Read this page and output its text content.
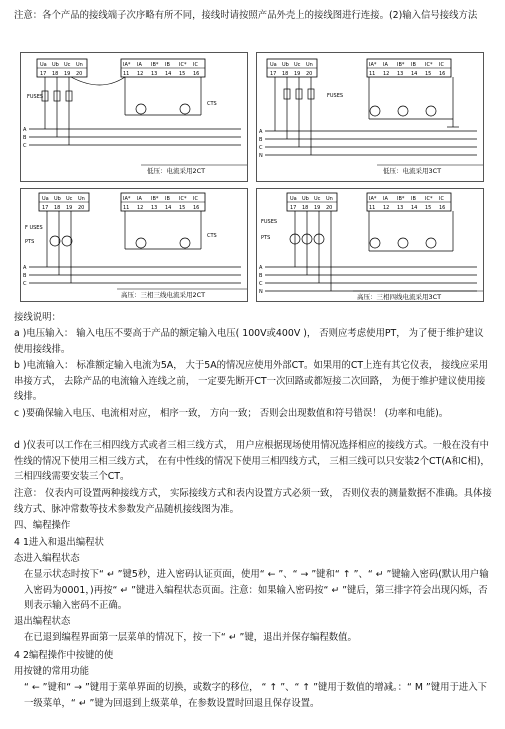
注意：各个产品的接线端子次序略有所不同，接线时请按照产品外壳上的接线图进行连接。(2)输入信号接线方法

Ua Ub Uc Un
17 18 19 20
IA* IA IB* IB IC* IC
11 12 13 14 15 16
FUSES
CTS
A
B
C
低压：电流采用2CT
Ua Ub Uc Un
17 18 19 20
IA* IA IB* IB IC* IC
11 12 13 14 15 16
FUSES
A
B
C
N
低压：电流采用3CT
Ua Ub Uc Un
17 18 19 20
IA* IA IB* IB IC* IC
11 12 13 14 15 16
F USES
PTS
CTS
A
B
C
高压：三相三线电流采用2CT
Ua Ub Uc Un
17 18 19 20
IA* IA IB* IB IC* IC
11 12 13 14 15 16
FUSES
PTS
A
B
C
N
高压：三相四线电流采用3CT

接线说明：

a )电压输入： 输入电压不要高于产品的额定输入电压( 100V或400V )， 否则应考虑使用PT， 为了便于维护建议使用接线排。

b )电流输入： 标准额定输入电流为5A， 大于5A的情况应使用外部CT。如果用的CT上连有其它仪表， 接线应采用串接方式， 去除产品的电流输入连线之前， 一定要先断开CT一次回路或都短接二次回路， 为便于维护建议使用接线排。

c )要确保输入电压、电流相对应， 相序一致， 方向一致； 否则会出现数值和符号错误！ (功率和电能)。

d )仪表可以工作在三相四线方式或者三相三线方式， 用户应根据现场使用情况选择相应的接线方式。一般在没有中性线的情况下使用三相三线方式， 在有中性线的情况下使用三相四线方式， 三相三线可以只安装2个CT(A和C相)， 三相四线需要安装三个CT。

注意： 仪表内可设置两种接线方式， 实际接线方式和表内设置方式必须一致， 否则仪表的测量数据不准确。具体接线方式、脉冲常数等技术参数发产品随机接线图为准。

四、编程操作

4 1进入和退出编程状

态进入编程状态

在显示状态时按下“ ↵ ”键5秒，进入密码认证页面，使用“ ← ”、“ → ”键和“ ↑ ”、“ ↵ ”键输入密码(默认用户输入密码为0001，)再按“ ↵ ”键进入编程状态页面。注意：如果输入密码按“ ↵ ”键后，第三排字符会出现闪烁，否则表示输入密码不正确。

退出编程状态

在已退到编程界面第一层菜单的情况下，按一下“ ↵ ”键，退出并保存编程数值。

4 2编程操作中按键的使

用按键的常用功能

“ ← ”键和“ → ”键用于菜单界面的切换，或数字的移位， “ ↑ ”、“ ↑ ”键用于数值的增减。：“ M ”键用于进入下一级菜单，“ ↵ ”键为回退到上级菜单，在参数设置时回退且保存设置。
